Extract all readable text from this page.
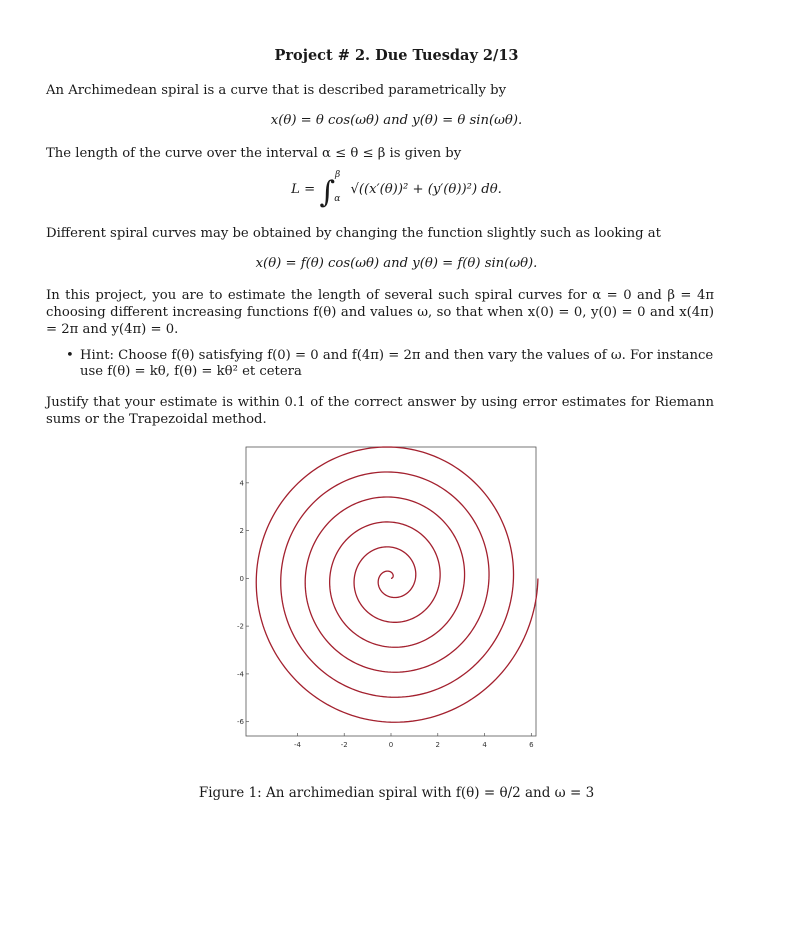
Project # 2. Due Tuesday 2/13
An Archimedean spiral is a curve that is described parametrically by
x(θ) = θ cos(ωθ) and y(θ) = θ sin(ωθ).
The length of the curve over the interval α ≤ θ ≤ β is given by
L = ∫$^\beta_\alpha$ √((x′(θ))² + (y′(θ))²) dθ.
Different spiral curves may be obtained by changing the function slightly such as looking at
x(θ) = f(θ) cos(ωθ) and y(θ) = f(θ) sin(ωθ).
In this project, you are to estimate the length of several such spiral curves for α = 0 and β = 4π choosing different increasing functions f(θ) and values ω, so that when x(0) = 0, y(0) = 0 and x(4π) = 2π and y(4π) = 0.
• Hint: Choose f(θ) satisfying f(0) = 0 and f(4π) = 2π and then vary the values of ω. For instance use f(θ) = kθ, f(θ) = kθ² et cetera
Justify that your estimate is within 0.1 of the correct answer by using error estimates for Riemann sums or the Trapezoidal method.
-4	-2	0	2	4	6
4
2
0
-2
-4
-6
Figure 1: An archimedian spiral with f(θ) = θ/2 and ω = 3
